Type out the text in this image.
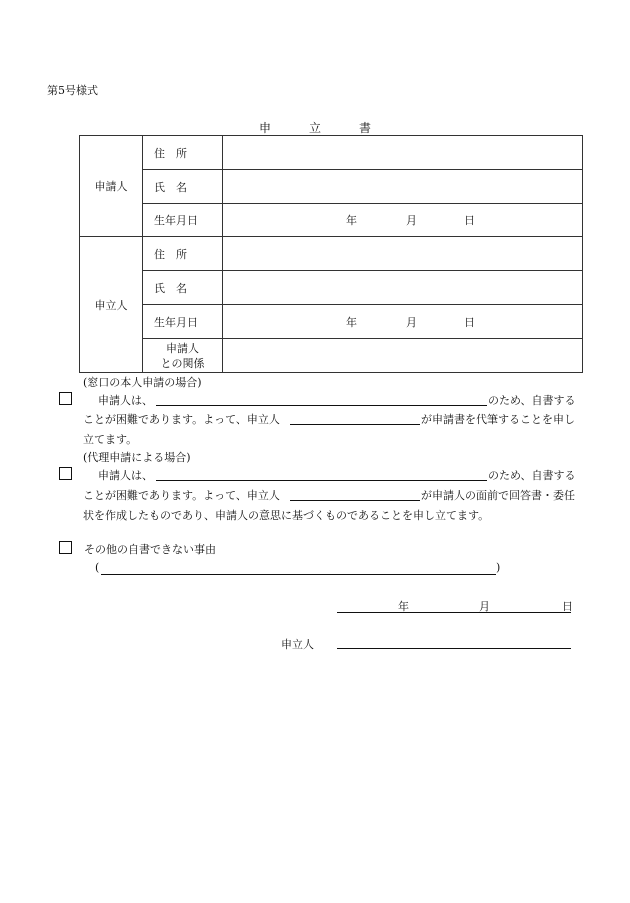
第5号様式
申	立	書
申請人	住　所	
	氏　名	
	生年月日	年 月 日

申立人	住　所	
	氏　名	
	生年月日	年 月 日

	申請人
との関係	

(窓口の本人申請の場合)
申請人は、	のため、自書する
ことが困難であります。よって、申立人	が申請書を代筆することを申し
立てます。
(代理申請による場合)
申請人は、	のため、自書する
ことが困難であります。よって、申立人	が申請人の面前で回答書・委任
状を作成したものであり、申請人の意思に基づくものであることを申し立てます。
その他の自書できない事由
(	)
年	月	日
申立人
